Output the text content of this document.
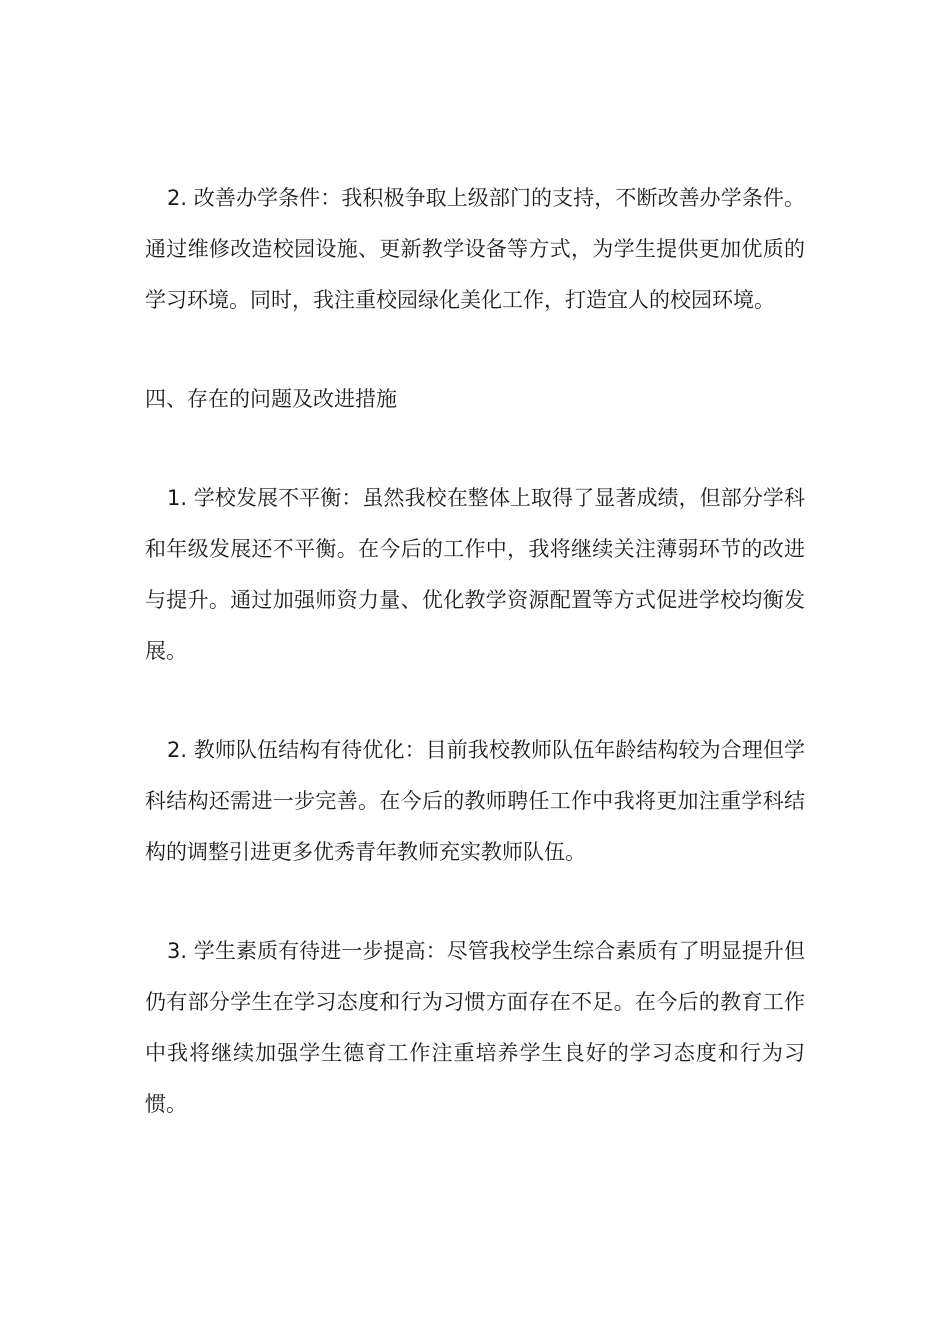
2. 改善办学条件：我积极争取上级部门的支持，不断改善办学条件。通过维修改造校园设施、更新教学设备等方式，为学生提供更加优质的学习环境。同时，我注重校园绿化美化工作，打造宜人的校园环境。

四、存在的问题及改进措施

1. 学校发展不平衡：虽然我校在整体上取得了显著成绩，但部分学科和年级发展还不平衡。在今后的工作中，我将继续关注薄弱环节的改进与提升。通过加强师资力量、优化教学资源配置等方式促进学校均衡发展。

2. 教师队伍结构有待优化：目前我校教师队伍年龄结构较为合理但学科结构还需进一步完善。在今后的教师聘任工作中我将更加注重学科结构的调整引进更多优秀青年教师充实教师队伍。

3. 学生素质有待进一步提高：尽管我校学生综合素质有了明显提升但仍有部分学生在学习态度和行为习惯方面存在不足。在今后的教育工作中我将继续加强学生德育工作注重培养学生良好的学习态度和行为习惯。
